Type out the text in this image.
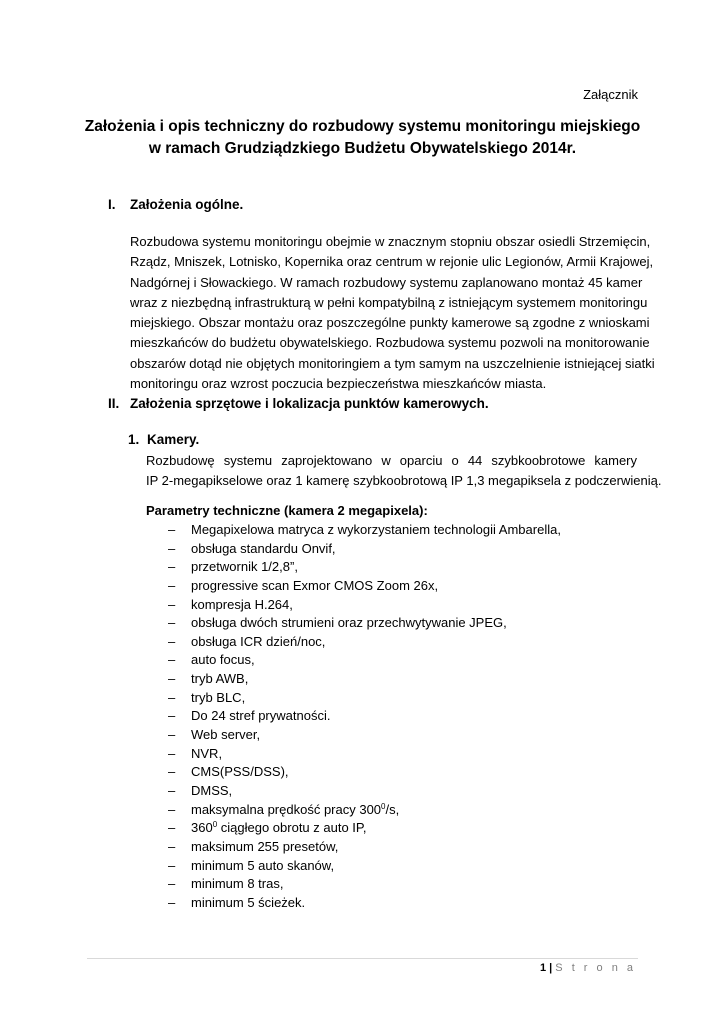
Załącznik
Założenia i opis techniczny do rozbudowy systemu monitoringu miejskiego
w ramach Grudziądzkiego Budżetu Obywatelskiego 2014r.
I. Założenia ogólne.
Rozbudowa systemu monitoringu obejmie w znacznym stopniu obszar osiedli Strzemięcin,
Rządz, Mniszek, Lotnisko, Kopernika oraz centrum w rejonie ulic Legionów, Armii Krajowej,
Nadgórnej i Słowackiego. W ramach rozbudowy systemu zaplanowano montaż 45 kamer
wraz z niezbędną infrastrukturą w pełni kompatybilną z istniejącym systemem monitoringu
miejskiego. Obszar montażu oraz poszczególne punkty kamerowe są zgodne z wnioskami
mieszkańców do budżetu obywatelskiego. Rozbudowa systemu pozwoli na monitorowanie
obszarów dotąd nie objętych monitoringiem a tym samym na uszczelnienie istniejącej siatki
monitoringu oraz wzrost poczucia bezpieczeństwa mieszkańców miasta.
II. Założenia sprzętowe i lokalizacja punktów kamerowych.
1. Kamery.
Rozbudowę systemu zaprojektowano w oparciu o 44 szybkoobrotowe kamery
IP 2-megapikselowe oraz 1 kamerę szybkoobrotową IP 1,3 megapiksela z podczerwienią.
Parametry techniczne (kamera 2 megapixela):
– Megapixelowa matryca z wykorzystaniem technologii Ambarella,
– obsługa standardu Onvif,
– przetwornik 1/2,8”,
– progressive scan Exmor CMOS Zoom 26x,
– kompresja H.264,
– obsługa dwóch strumieni oraz przechwytywanie JPEG,
– obsługa ICR dzień/noc,
– auto focus,
– tryb AWB,
– tryb BLC,
– Do 24 stref prywatności.
– Web server,
– NVR,
– CMS(PSS/DSS),
– DMSS,
– maksymalna prędkość pracy $300^0/s$,
– $360^0$ ciągłego obrotu z auto IP,
– maksimum 255 presetów,
– minimum 5 auto skanów,
– minimum 8 tras,
– minimum 5 ścieżek.
1 | S t r o n a
